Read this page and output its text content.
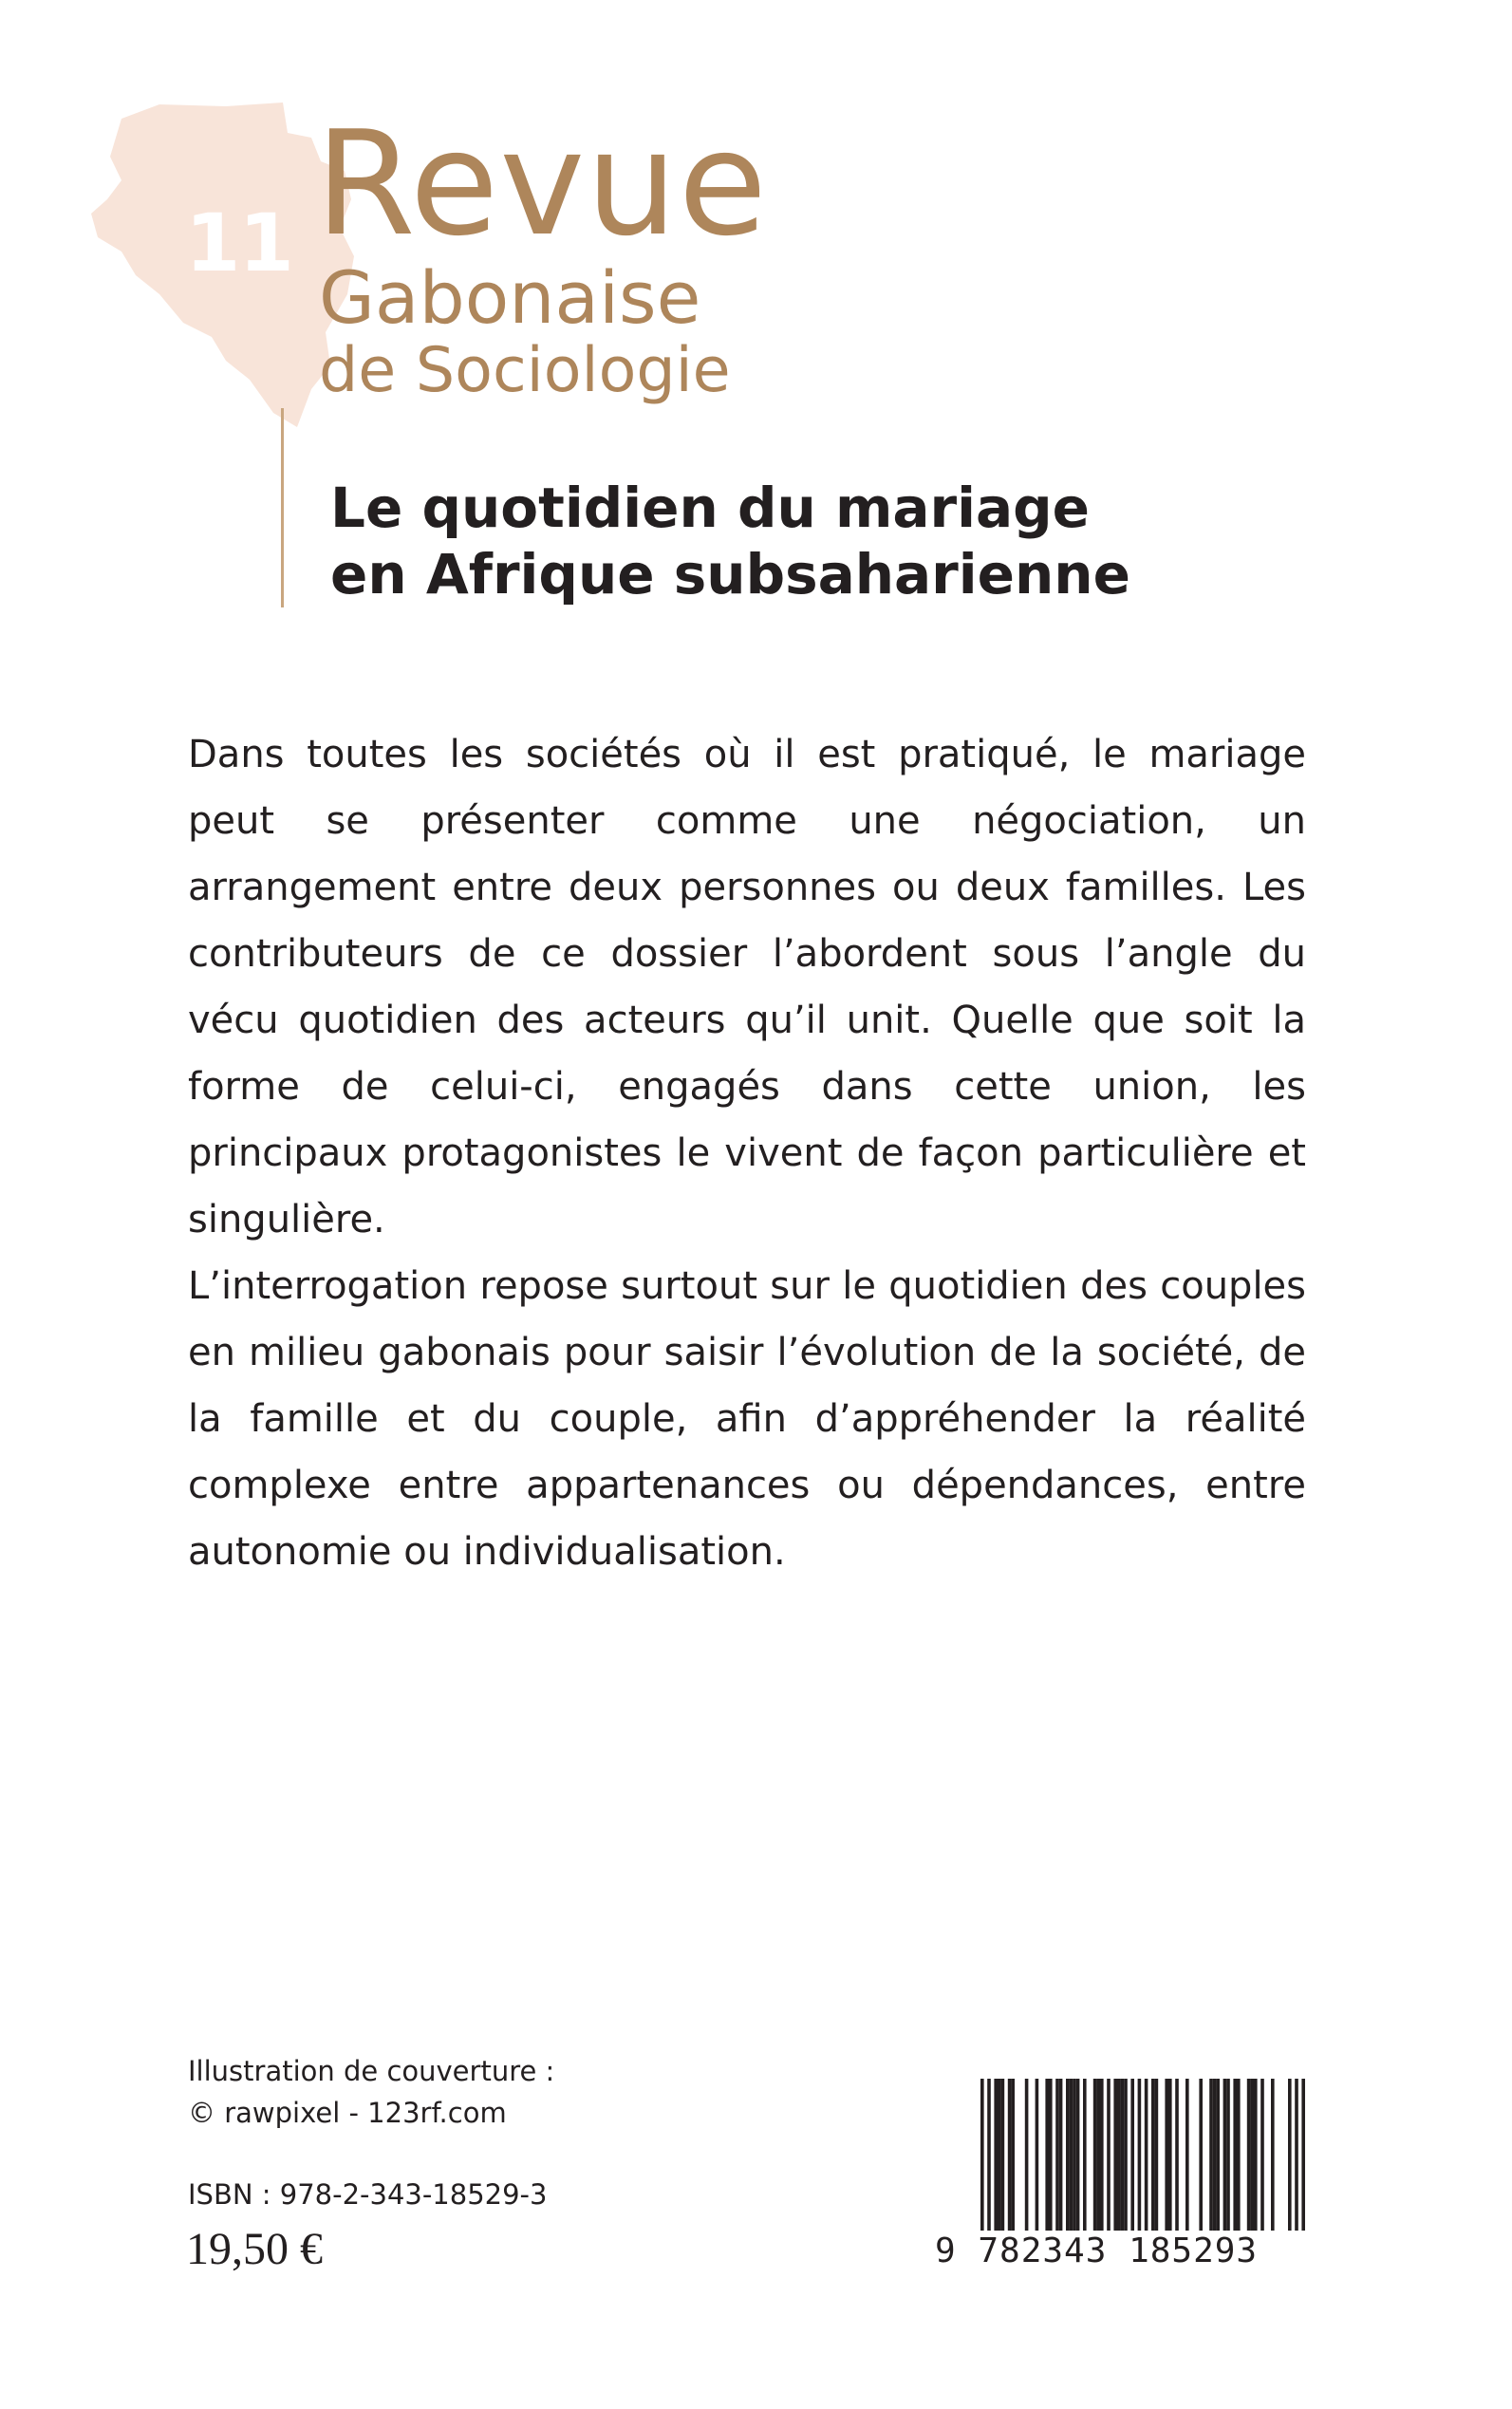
11 Revue
Gabonaise
de Sociologie
Le quotidien du mariage
en Afrique subsaharienne

Dans toutes les sociétés où il est pratiqué, le mariage peut se présenter comme une négociation, un arrangement entre deux personnes ou deux familles. Les contributeurs de ce dossier l’abordent sous l’angle du vécu quotidien des acteurs qu’il unit. Quelle que soit la forme de celui-ci, engagés dans cette union, les principaux protagonistes le vivent de façon particulière et singulière.

L’interrogation repose surtout sur le quotidien des couples en milieu gabonais pour saisir l’évolution de la société, de la famille et du couple, afin d’appréhender la réalité complexe entre appartenances ou dépendances, entre autonomie ou individualisation.

Illustration de couverture :
© rawpixel - 123rf.com
ISBN : 978-2-343-18529-3
19,50 €	9 782343 185293
